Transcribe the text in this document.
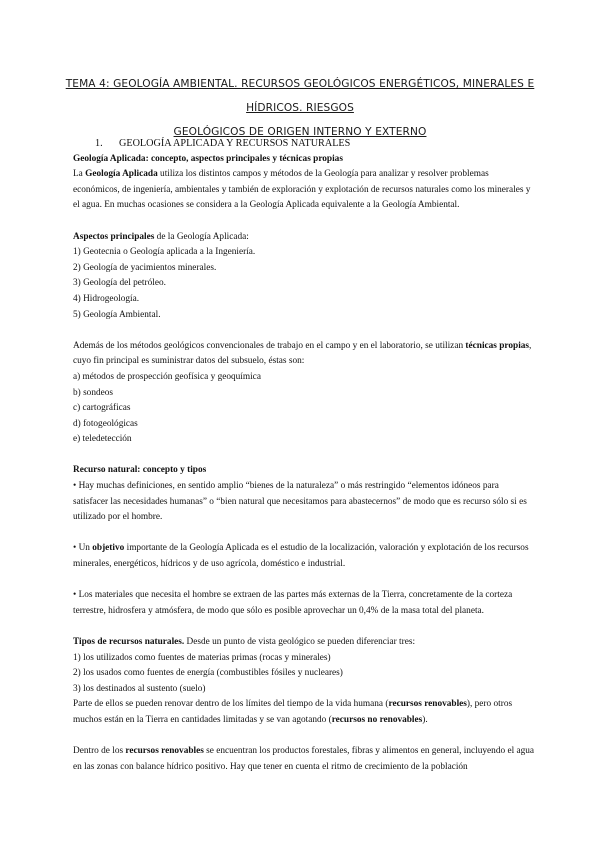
TEMA 4: GEOLOGÍA AMBIENTAL. RECURSOS GEOLÓGICOS ENERGÉTICOS, MINERALES E HÍDRICOS. RIESGOS
GEOLÓGICOS DE ORIGEN INTERNO Y EXTERNO
1. GEOLOGÍA APLICADA Y RECURSOS NATURALES

Geología Aplicada: concepto, aspectos principales y técnicas propias

La Geología Aplicada utiliza los distintos campos y métodos de la Geología para analizar y resolver problemas económicos, de ingeniería, ambientales y también de exploración y explotación de recursos naturales como los minerales y el agua. En muchas ocasiones se considera a la Geología Aplicada equivalente a la Geología Ambiental.

Aspectos principales de la Geología Aplicada:

1) Geotecnia o Geología aplicada a la Ingeniería.

2) Geología de yacimientos minerales.

3) Geología del petróleo.

4) Hidrogeología.

5) Geología Ambiental.

Además de los métodos geológicos convencionales de trabajo en el campo y en el laboratorio, se utilizan técnicas propias, cuyo fin principal es suministrar datos del subsuelo, éstas son:

a) métodos de prospección geofísica y geoquímica

b) sondeos

c) cartográficas

d) fotogeológicas

e) teledetección

Recurso natural: concepto y tipos

• Hay muchas definiciones, en sentido amplio “bienes de la naturaleza” o más restringido “elementos idóneos para satisfacer las necesidades humanas” o “bien natural que necesitamos para abastecernos” de modo que es recurso sólo si es utilizado por el hombre.

• Un objetivo importante de la Geología Aplicada es el estudio de la localización, valoración y explotación de los recursos minerales, energéticos, hídricos y de uso agrícola, doméstico e industrial.

• Los materiales que necesita el hombre se extraen de las partes más externas de la Tierra, concretamente de la corteza terrestre, hidrosfera y atmósfera, de modo que sólo es posible aprovechar un 0,4% de la masa total del planeta.

Tipos de recursos naturales. Desde un punto de vista geológico se pueden diferenciar tres:

1) los utilizados como fuentes de materias primas (rocas y minerales)

2) los usados como fuentes de energía (combustibles fósiles y nucleares)

3) los destinados al sustento (suelo)

Parte de ellos se pueden renovar dentro de los límites del tiempo de la vida humana (recursos renovables), pero otros muchos están en la Tierra en cantidades limitadas y se van agotando (recursos no renovables).

Dentro de los recursos renovables se encuentran los productos forestales, fibras y alimentos en general, incluyendo el agua en las zonas con balance hídrico positivo. Hay que tener en cuenta el ritmo de crecimiento de la población
